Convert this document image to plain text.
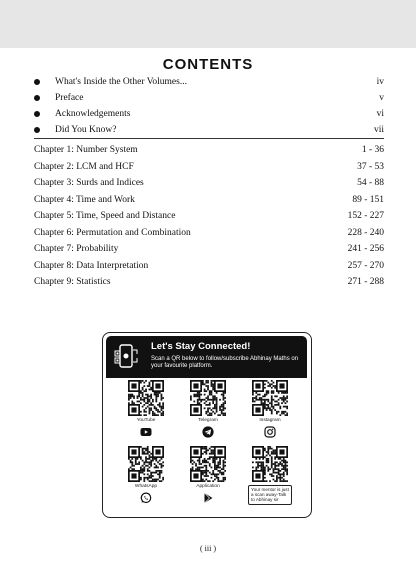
CONTENTS
What's Inside the Other Volumes...	iv
Preface	v
Acknowledgements	vi
Did You Know?	vii
Chapter 1: Number System	1 - 36
Chapter 2: LCM and HCF	37 - 53
Chapter 3: Surds and Indices	54 - 88
Chapter 4: Time and Work	89 - 151
Chapter 5: Time, Speed and Distance	152 - 227
Chapter 6: Permutation and Combination	228 - 240
Chapter 7: Probability	241 - 256
Chapter 8: Data Interpretation	257 - 270
Chapter 9: Statistics	271 - 288
Let's Stay Connected!
Scan a QR below to follow/subscribe Abhinay Maths on your favourite platform.
YouTube	Telegram	Instagram
WhatsApp	Application
Your mentor is just a scan away-Talk to Abhinay sir
( iii )
